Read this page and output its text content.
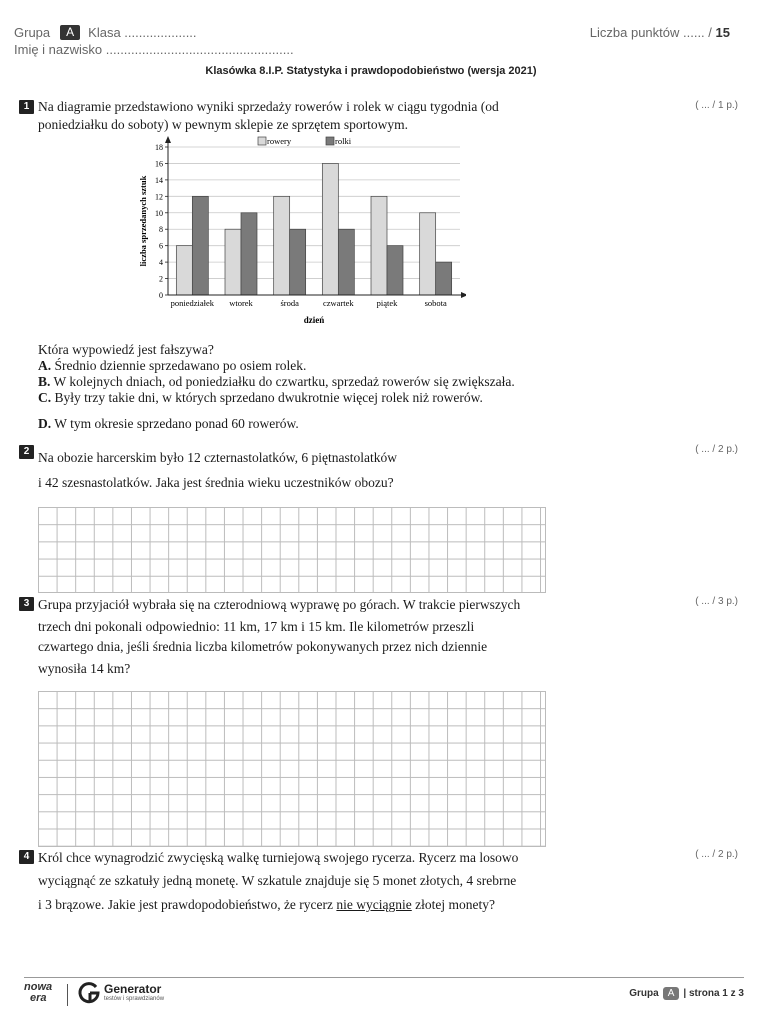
Grupa	A	Klasa ....................
Imię i nazwisko ....................................................
Liczba punktów ...... / 15
Klasówka 8.I.P. Statystyka i prawdopodobieństwo (wersja 2021)
1	( ... / 1 p.)
Na diagramie przedstawiono wyniki sprzedaży rowerów i rolek w ciągu tygodnia (od
poniedziałku do soboty) w pewnym sklepie ze sprzętem sportowym.
0
2
4
6
8
10
12
14
16
18
poniedziałek wtorek	środa	czwartek	piątek	sobota
rowery	rolki
liczba sprzedanych sztuk
dzień
Która wypowiedź jest fałszywa?
A. Średnio dziennie sprzedawano po osiem rolek.
B. W kolejnych dniach, od poniedziałku do czwartku, sprzedaż rowerów się zwiększała.
C. Były trzy takie dni, w których sprzedano dwukrotnie więcej rolek niż rowerów.
D. W tym okresie sprzedano ponad 60 rowerów.
2	( ... / 2 p.)
Na obozie harcerskim było 12 czternastolatków, 6 piętnastolatków
i 42 szesnastolatków. Jaka jest średnia wieku uczestników obozu?
3	( ... / 3 p.)
Grupa przyjaciół wybrała się na czterodniową wyprawę po górach. W trakcie pierwszych
trzech dni pokonali odpowiednio: 11 km, 17 km i 15 km. Ile kilometrów przeszli
czwartego dnia, jeśli średnia liczba kilometrów pokonywanych przez nich dziennie
wynosiła 14 km?
4	( ... / 2 p.)
Król chce wynagrodzić zwycięską walkę turniejową swojego rycerza. Rycerz ma losowo
wyciągnąć ze szkatuły jedną monetę. W szkatule znajduje się 5 monet złotych, 4 srebrne
i 3 brązowe. Jakie jest prawdopodobieństwo, że rycerz nie wyciągnie złotej monety?
nowa
era
Generator
testów i sprawdzianów	Grupa A | strona 1 z 3
